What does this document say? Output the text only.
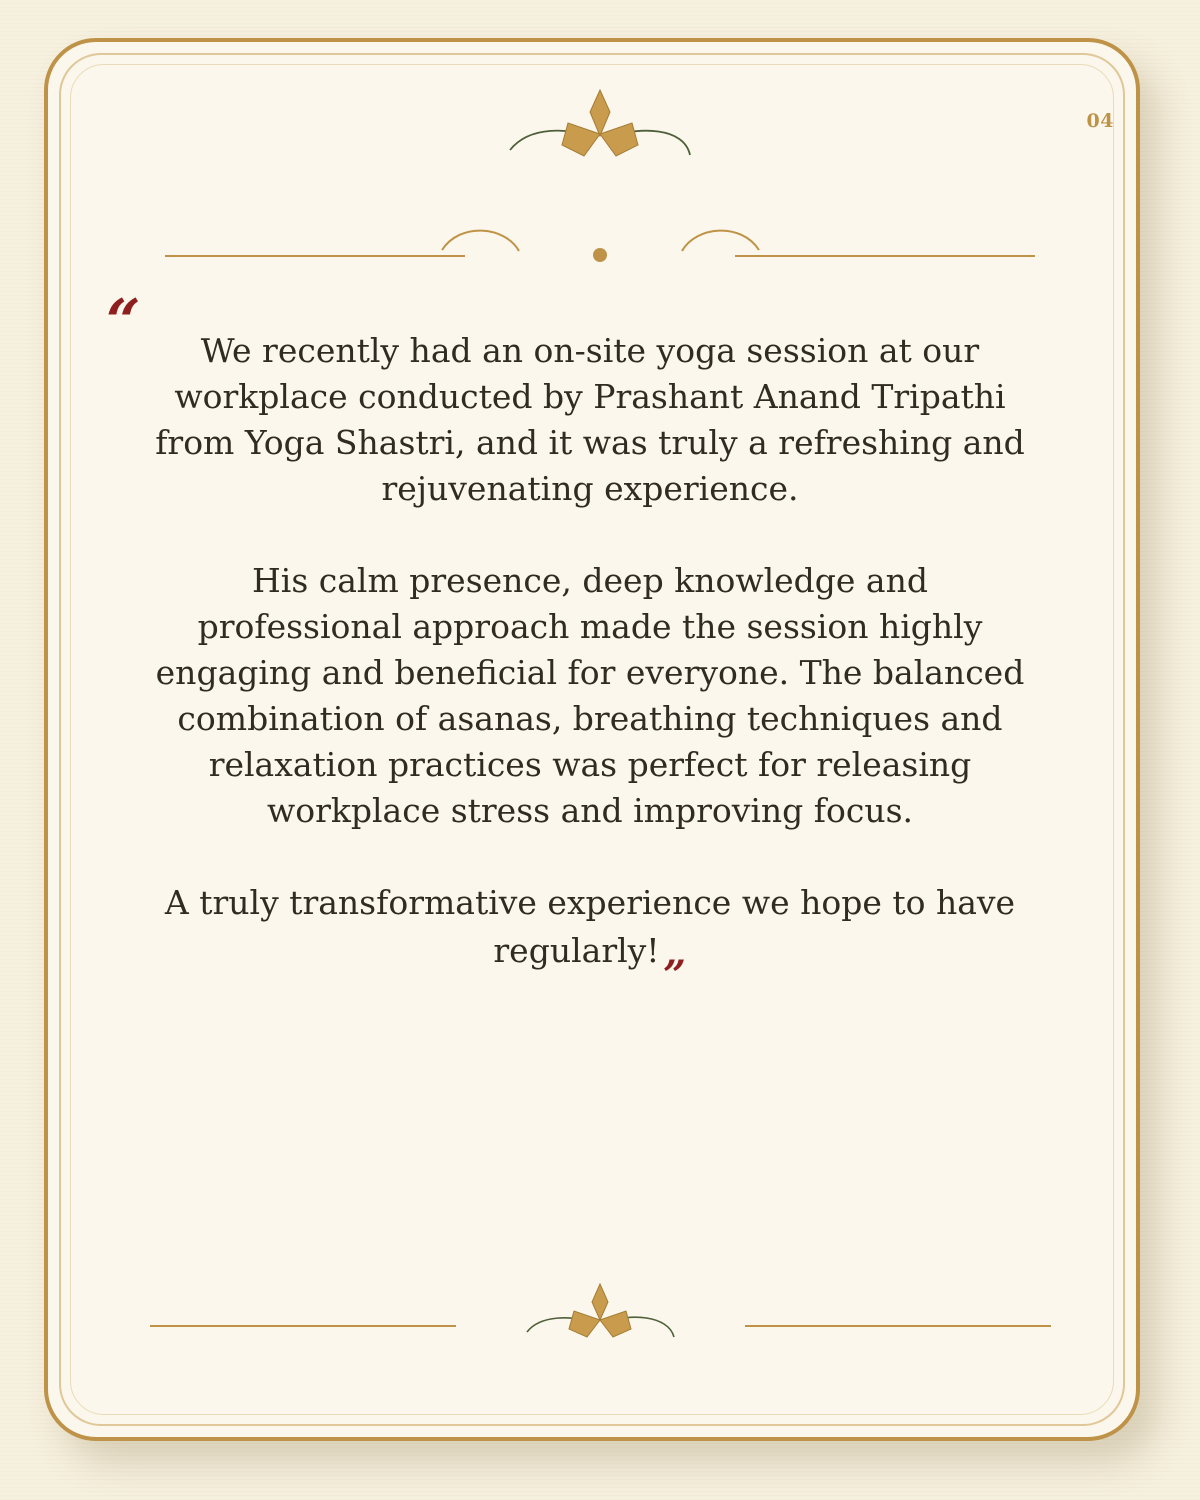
04
“	We recently had an on-site yoga session at our workplace conducted by Prashant Anand Tripathi from Yoga Shastri, and it was truly a refreshing and rejuvenating experience.

His calm presence, deep knowledge and professional approach made the session highly engaging and beneficial for everyone. The balanced combination of asanas, breathing techniques and relaxation practices was perfect for releasing workplace stress and improving focus.

A truly transformative experience we hope to have regularly! „
